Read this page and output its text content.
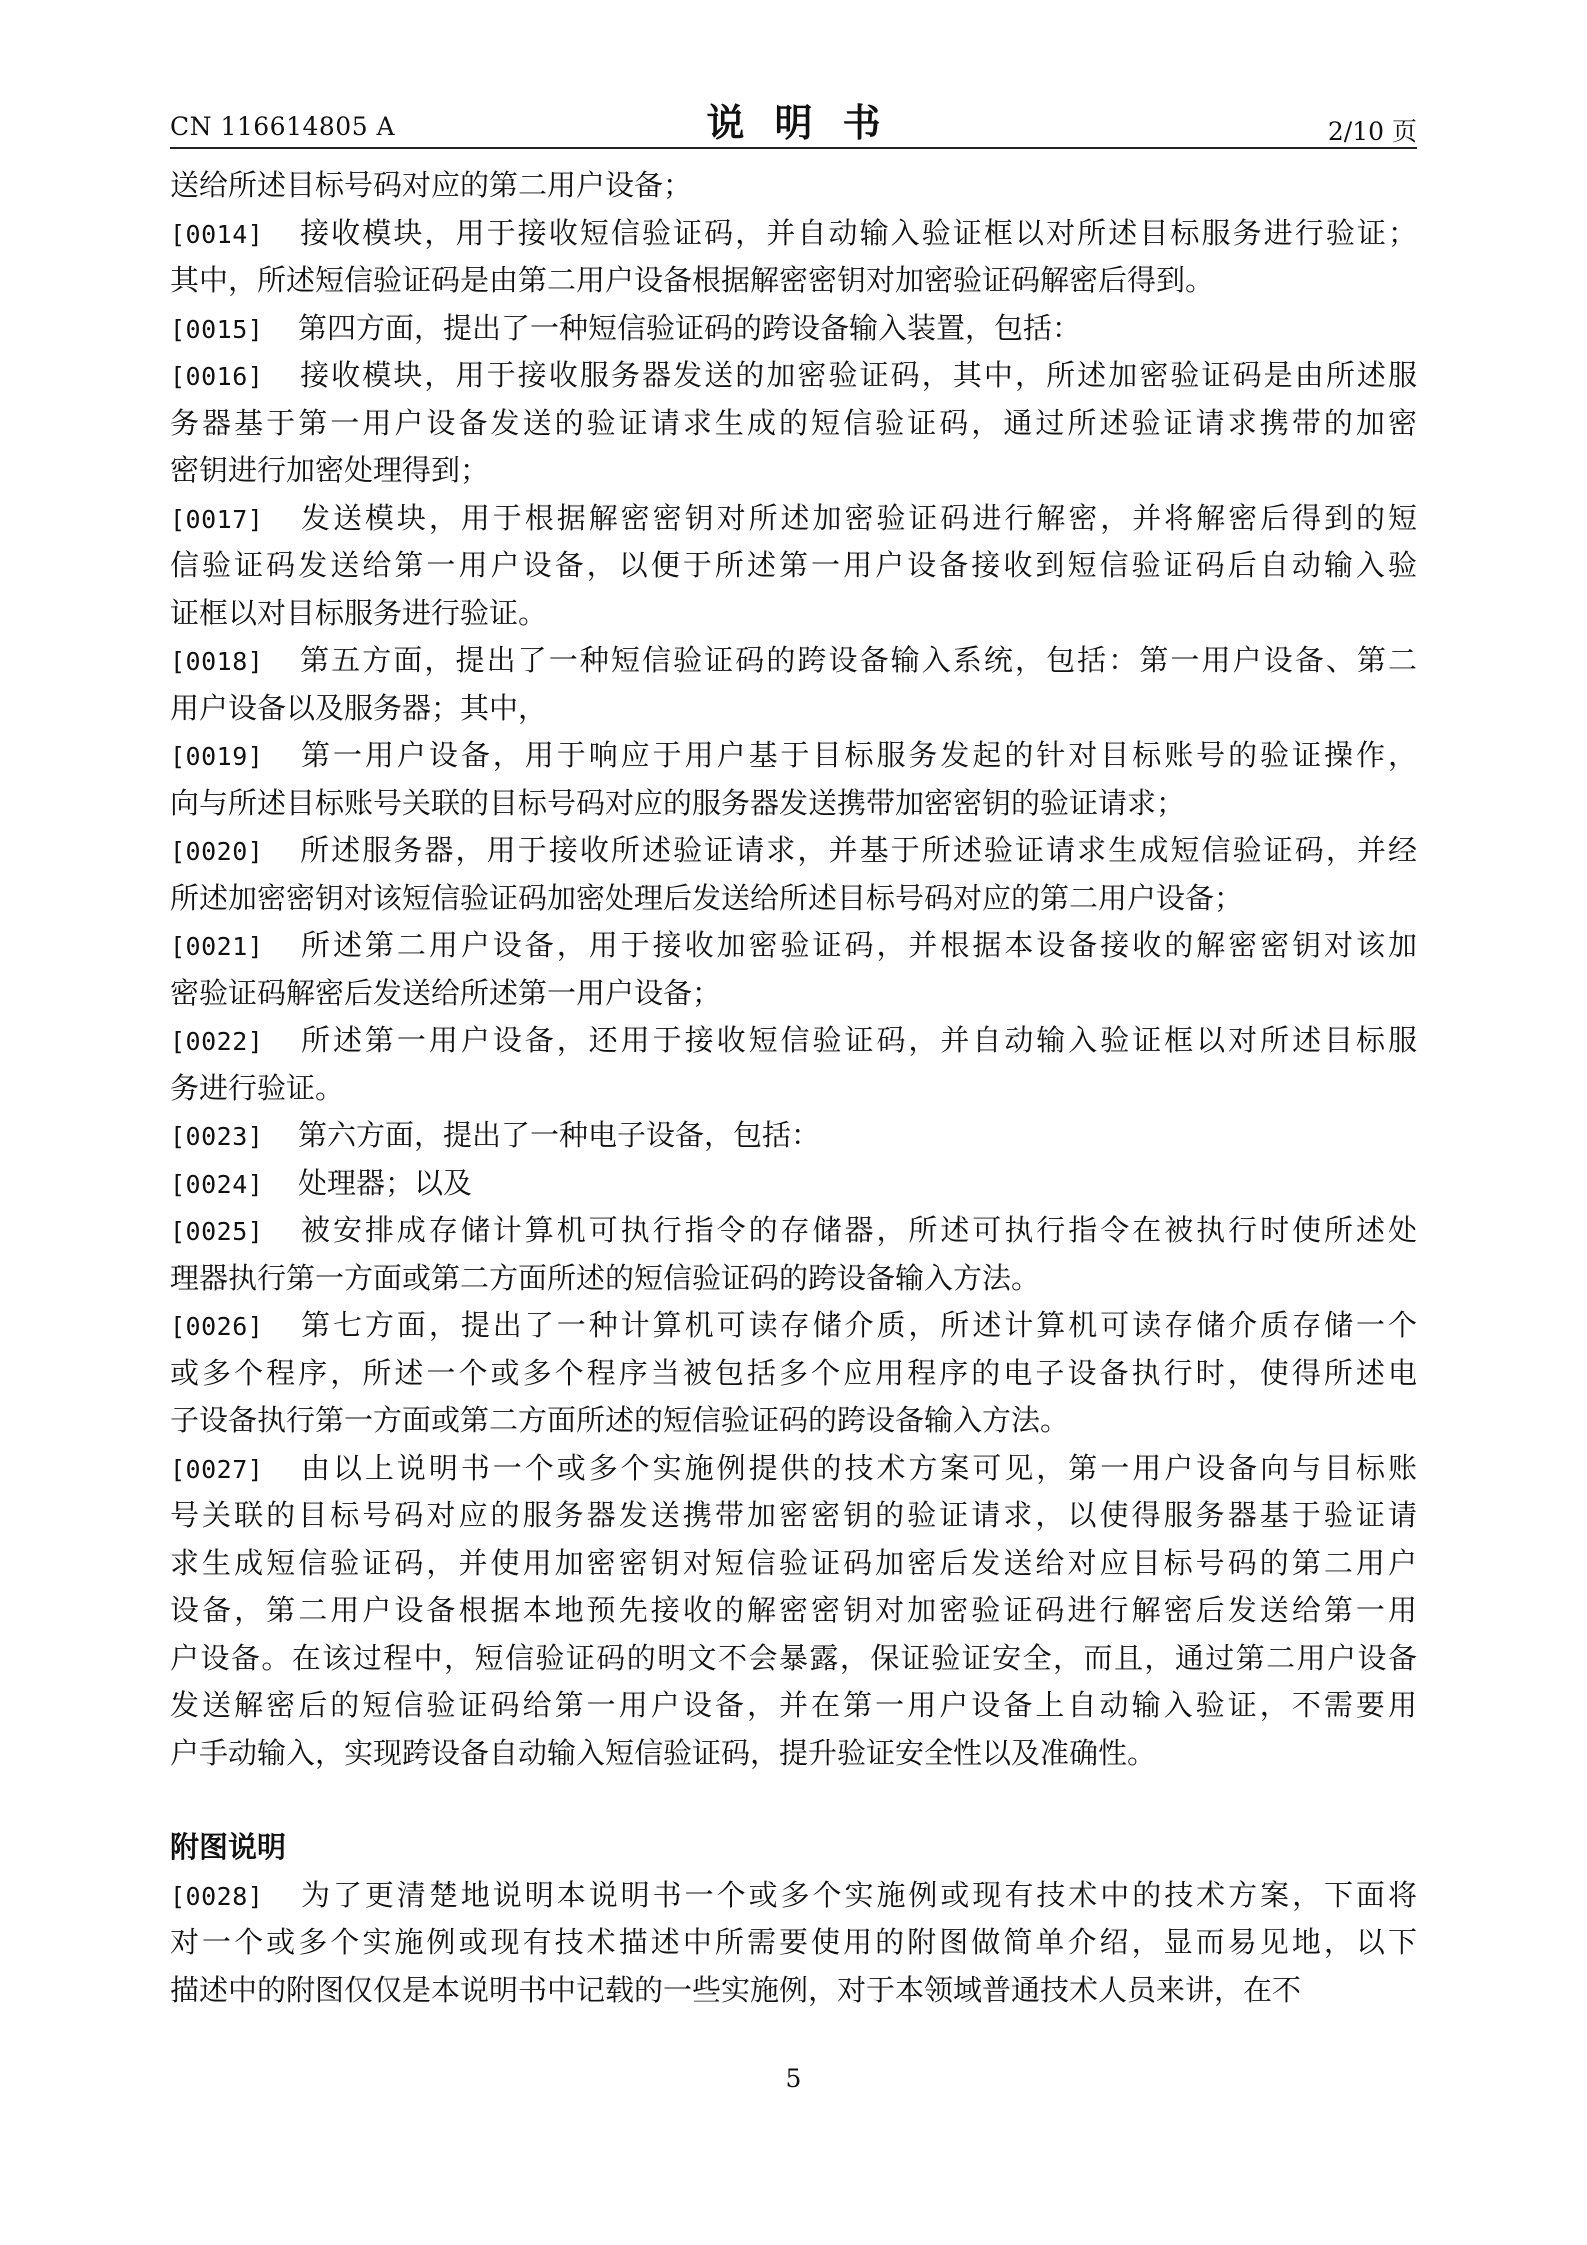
CN 116614805 A	说明书	2/10 页
送给所述目标号码对应的第二用户设备；
[0014] 接收模块，用于接收短信验证码，并自动输入验证框以对所述目标服务进行验证；
其中，所述短信验证码是由第二用户设备根据解密密钥对加密验证码解密后得到。
[0015] 第四方面，提出了一种短信验证码的跨设备输入装置，包括：
[0016] 接收模块，用于接收服务器发送的加密验证码，其中，所述加密验证码是由所述服
务器基于第一用户设备发送的验证请求生成的短信验证码，通过所述验证请求携带的加密
密钥进行加密处理得到；
[0017] 发送模块，用于根据解密密钥对所述加密验证码进行解密，并将解密后得到的短
信验证码发送给第一用户设备，以便于所述第一用户设备接收到短信验证码后自动输入验
证框以对目标服务进行验证。
[0018] 第五方面，提出了一种短信验证码的跨设备输入系统，包括：第一用户设备、第二
用户设备以及服务器；其中，
[0019] 第一用户设备，用于响应于用户基于目标服务发起的针对目标账号的验证操作，
向与所述目标账号关联的目标号码对应的服务器发送携带加密密钥的验证请求；
[0020] 所述服务器，用于接收所述验证请求，并基于所述验证请求生成短信验证码，并经
所述加密密钥对该短信验证码加密处理后发送给所述目标号码对应的第二用户设备；
[0021] 所述第二用户设备，用于接收加密验证码，并根据本设备接收的解密密钥对该加
密验证码解密后发送给所述第一用户设备；
[0022] 所述第一用户设备，还用于接收短信验证码，并自动输入验证框以对所述目标服
务进行验证。
[0023] 第六方面，提出了一种电子设备，包括：
[0024] 处理器；以及
[0025] 被安排成存储计算机可执行指令的存储器，所述可执行指令在被执行时使所述处
理器执行第一方面或第二方面所述的短信验证码的跨设备输入方法。
[0026] 第七方面，提出了一种计算机可读存储介质，所述计算机可读存储介质存储一个
或多个程序，所述一个或多个程序当被包括多个应用程序的电子设备执行时，使得所述电
子设备执行第一方面或第二方面所述的短信验证码的跨设备输入方法。
[0027] 由以上说明书一个或多个实施例提供的技术方案可见，第一用户设备向与目标账
号关联的目标号码对应的服务器发送携带加密密钥的验证请求，以使得服务器基于验证请
求生成短信验证码，并使用加密密钥对短信验证码加密后发送给对应目标号码的第二用户
设备，第二用户设备根据本地预先接收的解密密钥对加密验证码进行解密后发送给第一用
户设备。在该过程中，短信验证码的明文不会暴露，保证验证安全，而且，通过第二用户设备
发送解密后的短信验证码给第一用户设备，并在第一用户设备上自动输入验证，不需要用
户手动输入，实现跨设备自动输入短信验证码，提升验证安全性以及准确性。
附图说明
[0028] 为了更清楚地说明本说明书一个或多个实施例或现有技术中的技术方案，下面将
对一个或多个实施例或现有技术描述中所需要使用的附图做简单介绍，显而易见地，以下
描述中的附图仅仅是本说明书中记载的一些实施例，对于本领域普通技术人员来讲，在不
5
